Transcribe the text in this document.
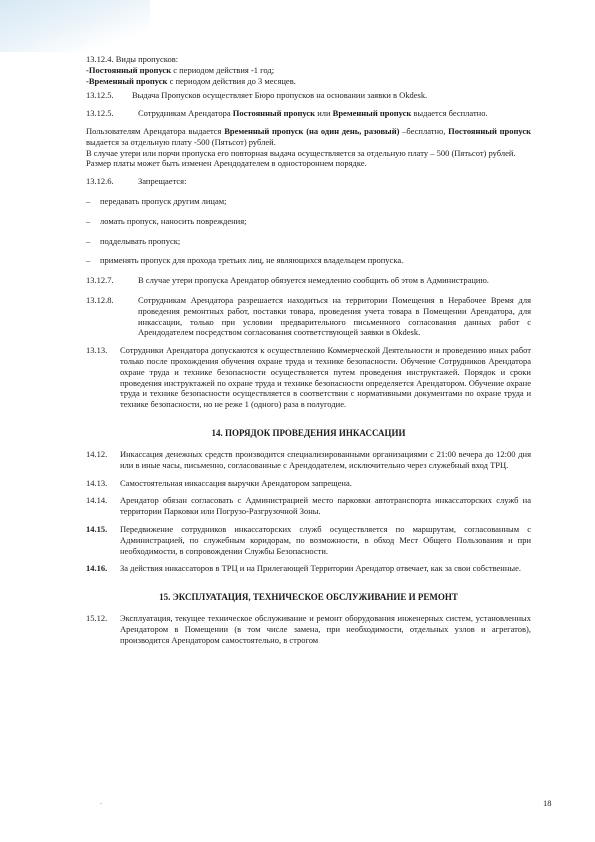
13.12.4. Виды пропусков:

-Постоянный пропуск с периодом действия -1 год;

-Временный пропуск с периодом действия до 3 месяцев.

13.12.5.	Выдача Пропусков осуществляет Бюро пропусков на основании заявки в Okdesk.
13.12.5.	Сотрудникам Арендатора Постоянный пропуск или Временный пропуск выдается бесплатно.

Пользователям Арендатора выдается Временный пропуск (на один день, разовый) –бесплатно, Постоянный пропуск выдается за отдельную плату -500 (Пятьсот) рублей.

В случае утери или порчи пропуска его повторная выдача осуществляется за отдельную плату – 500 (Пятьсот) рублей.

Размер платы может быть изменен Арендодателем в одностороннем порядке.

13.12.6.	Запрещается:
–	передавать пропуск другим лицам;
–	ломать пропуск, наносить повреждения;
–	подделывать пропуск;
–	применять пропуск для прохода третьих лиц, не являющихся владельцем пропуска.
13.12.7.	В случае утери пропуска Арендатор обязуется немедленно сообщить об этом в Администрацию.
13.12.8.	Сотрудникам Арендатора разрешается находиться на территории Помещения в Нерабочее Время для проведения ремонтных работ, поставки товара, проведения учета товара в Помещении Арендатора, для инкассации, только при условии предварительного письменного согласования данных работ с Арендодателем посредством согласования соответствующей заявки в Okdesk.
13.13.	Сотрудники Арендатора допускаются к осуществлению Коммерческой Деятельности и проведению иных работ только после прохождения обучения охране труда и технике безопасности. Обучение Сотрудников Арендатора охране труда и технике безопасности осуществляется путем проведения инструктажей. Порядок и сроки проведения инструктажей по охране труда и технике безопасности определяется Арендатором. Обучение охране труда и технике безопасности осуществляется в соответствии с нормативными документами по охране труда и технике безопасности, но не реже 1 (одного) раза в полугодие.
14. ПОРЯДОК ПРОВЕДЕНИЯ ИНКАССАЦИИ
14.12.	Инкассация денежных средств производится специализированными организациями с 21:00 вечера до 12:00 дня или в иные часы, письменно, согласованные с Арендодателем, исключительно через служебный вход ТРЦ.
14.13.	Самостоятельная инкассация выручки Арендатором запрещена.
14.14.	Арендатор обязан согласовать с Администрацией место парковки автотранспорта инкассаторских служб на территории Парковки или Погрузо-Разгрузочной Зоны.
14.15.	Передвижение сотрудников инкассаторских служб осуществляется по маршрутам, согласованным с Администрацией, по служебным коридорам, по возможности, в обход Мест Общего Пользования и при необходимости, в сопровождении Службы Безопасности.
14.16.	За действия инкассаторов в ТРЦ и на Прилегающей Территории Арендатор отвечает, как за свои собственные.
15. ЭКСПЛУАТАЦИЯ, ТЕХНИЧЕСКОЕ ОБСЛУЖИВАНИЕ И РЕМОНТ
15.12.	Эксплуатация, текущее техническое обслуживание и ремонт оборудования инженерных систем, установленных Арендатором в Помещении (в том числе замена, при необходимости, отдельных узлов и агрегатов), производится Арендатором самостоятельно, в строгом
.	18
